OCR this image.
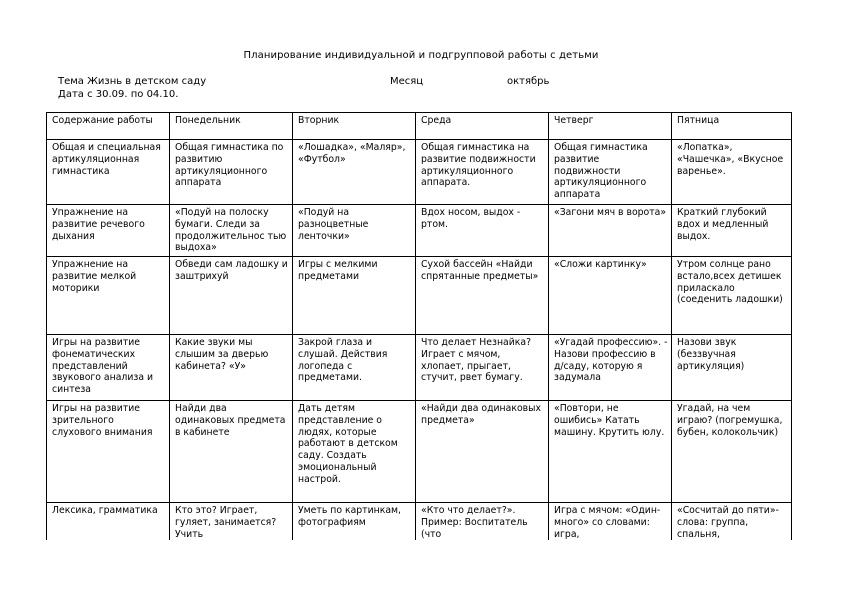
Планирование индивидуальной и подгрупповой работы с детьми
Тема Жизнь в детском саду	Месяц	октябрь
Дата с 30.09. по 04.10.
Содержание работы	Понедельник	Вторник	Среда	Четверг	Пятница
Общая и специальная артикуляционная гимнастика	Общая гимнастика по развитию артикуляционного аппарата	«Лошадка», «Маляр», «Футбол»	Общая гимнастика на развитие подвижности артикуляционного аппарата.	Общая гимнастика развитие подвижности артикуляционного аппарата	«Лопатка», «Чашечка», «Вкусное варенье».
Упражнение на развитие речевого дыхания	«Подуй на полоску бумаги. Следи за продолжительнос тью выдоха»	«Подуй на разноцветные ленточки»	Вдох носом, выдох - ртом.	«Загони мяч в ворота»	Краткий глубокий вдох и медленный выдох.
Упражнение на развитие мелкой моторики	Обведи сам ладошку и заштрихуй	Игры с мелкими предметами	Сухой бассейн «Найди спрятанные предметы»	«Сложи картинку»	Утром солнце рано встало,всех детишек приласкало (соеденить ладошки)
Игры на развитие фонематических представлений звукового анализа и синтеза	Какие звуки мы слышим за дверью кабинета? «У»	Закрой глаза и слушай. Действия логопеда с предметами.	Что делает Незнайка? Играет с мячом, хлопает, прыгает, стучит, рвет бумагу.	«Угадай профессию». - Назови профессию в д/саду, которую я задумала	Назови звук (беззвучная артикуляция)
Игры на развитие зрительного слухового внимания	Найди два одинаковых предмета в кабинете	Дать детям представление о людях, которые работают в детском саду. Создать эмоциональный настрой.	«Найди два одинаковых предмета»	«Повтори, не ошибись» Катать машину. Крутить юлу.	Угадай, на чем играю? (погремушка, бубен, колокольчик)
Лексика, грамматика	Кто это? Играет, гуляет, занимается? Учить	Уметь по картинкам, фотографиям	«Кто что делает?». Пример: Воспитатель (что	Игра с мячом: «Один-много» со словами: игра,	«Сосчитай до пяти»-слова: группа, спальня,
